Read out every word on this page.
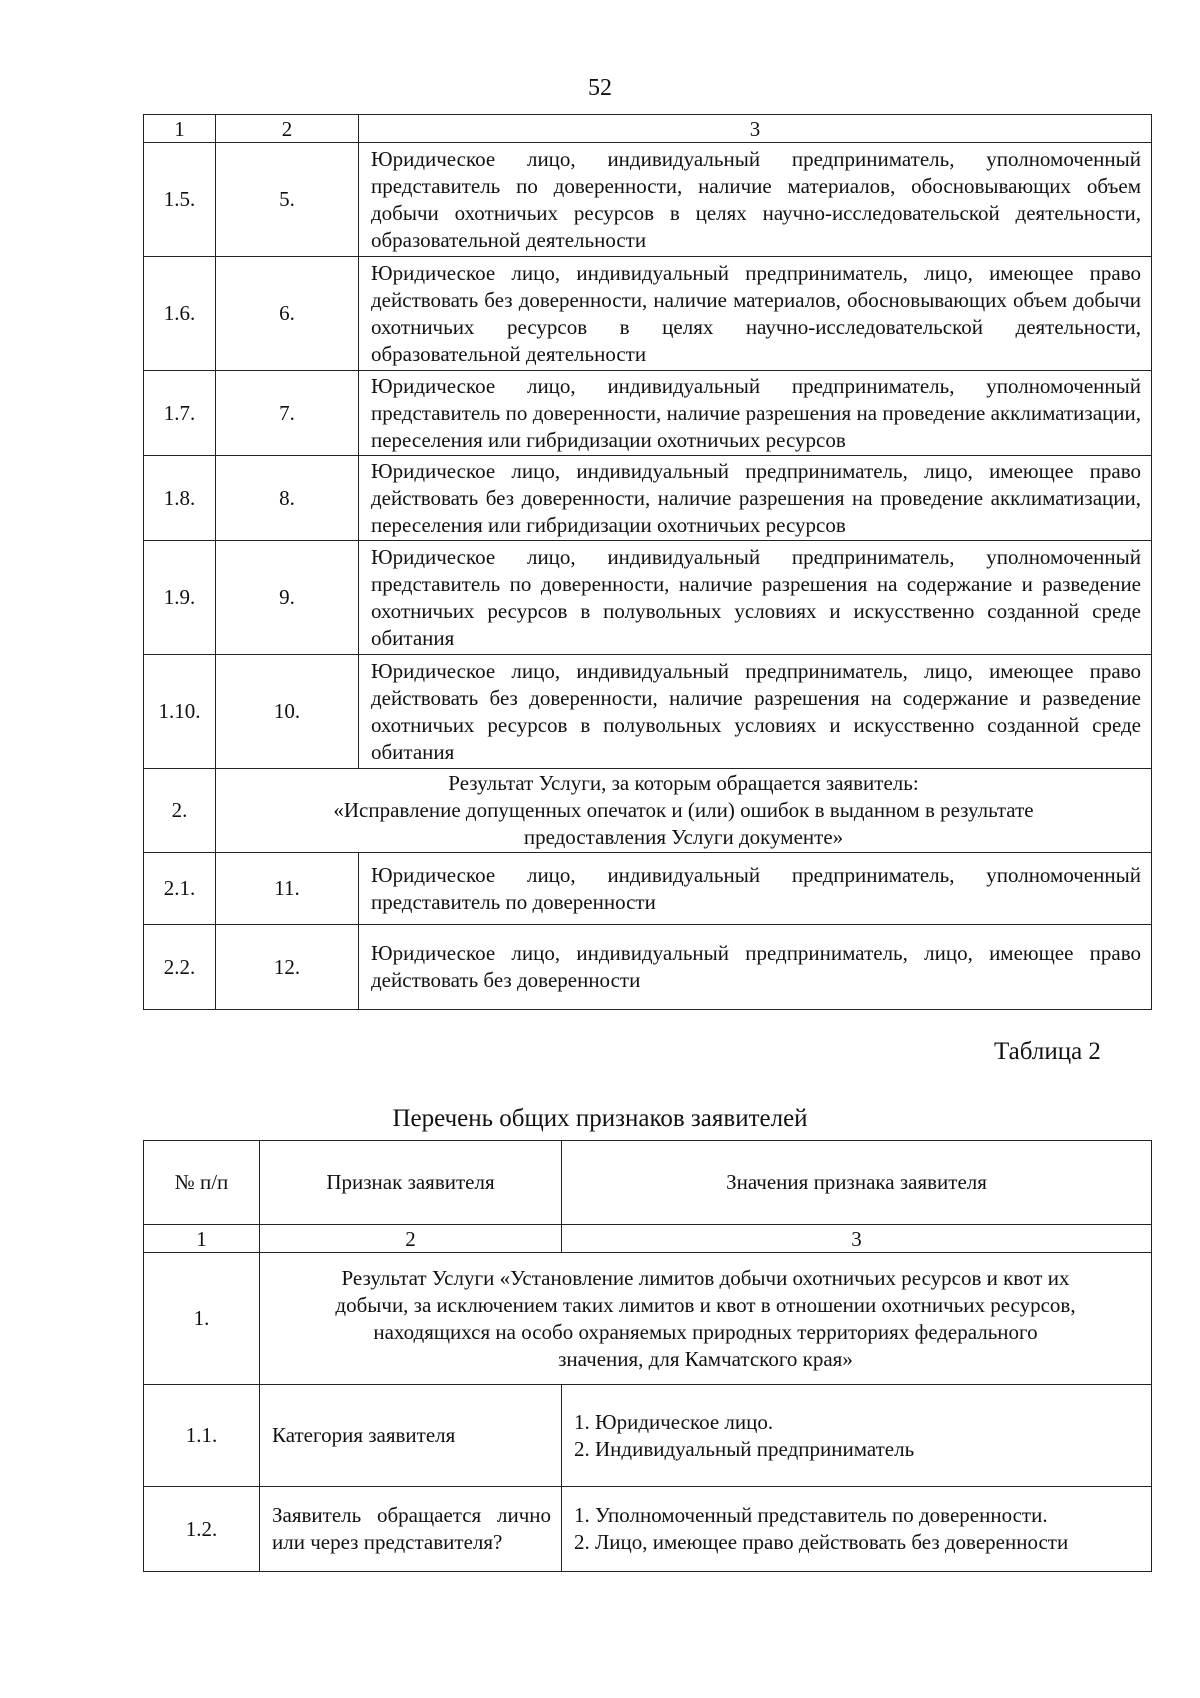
52
1	2	3
1.5.	5.	Юридическое лицо, индивидуальный предприниматель, уполномоченный представитель по доверенности, наличие материалов, обосновывающих объем добычи охотничьих ресурсов в целях научно-исследовательской деятельности, образовательной деятельности
1.6.	6.	Юридическое лицо, индивидуальный предприниматель, лицо, имеющее право действовать без доверенности, наличие материалов, обосновывающих объем добычи охотничьих ресурсов в целях научно-исследовательской деятельности, образовательной деятельности
1.7.	7.	Юридическое лицо, индивидуальный предприниматель, уполномоченный представитель по доверенности, наличие разрешения на проведение акклиматизации, переселения или гибридизации охотничьих ресурсов
1.8.	8.	Юридическое лицо, индивидуальный предприниматель, лицо, имеющее право действовать без доверенности, наличие разрешения на проведение акклиматизации, переселения или гибридизации охотничьих ресурсов
1.9.	9.	Юридическое лицо, индивидуальный предприниматель, уполномоченный представитель по доверенности, наличие разрешения на содержание и разведение охотничьих ресурсов в полувольных условиях и искусственно созданной среде обитания
1.10.	10.	Юридическое лицо, индивидуальный предприниматель, лицо, имеющее право действовать без доверенности, наличие разрешения на содержание и разведение охотничьих ресурсов в полувольных условиях и искусственно созданной среде обитания
2.	Результат Услуги, за которым обращается заявитель:
«Исправление допущенных опечаток и (или) ошибок в выданном в результате
предоставления Услуги документе»	

2.1.	11.	Юридическое лицо, индивидуальный предприниматель, уполномоченный представитель по доверенности
2.2.	12.	Юридическое лицо, индивидуальный предприниматель, лицо, имеющее право действовать без доверенности
Таблица 2
Перечень общих признаков заявителей
№ п/п	Признак заявителя	Значения признака заявителя
1	2	3
1.	Результат Услуги «Установление лимитов добычи охотничьих ресурсов и квот их
добычи, за исключением таких лимитов и квот в отношении охотничьих ресурсов,
находящихся на особо охраняемых природных территориях федерального
значения, для Камчатского края»	

1.1.	Категория заявителя	1. Юридическое лицо.
2. Индивидуальный предприниматель

1.2.	Заявитель обращается лично или через представителя?	1. Уполномоченный представитель по доверенности.
2. Лицо, имеющее право действовать без доверенности
